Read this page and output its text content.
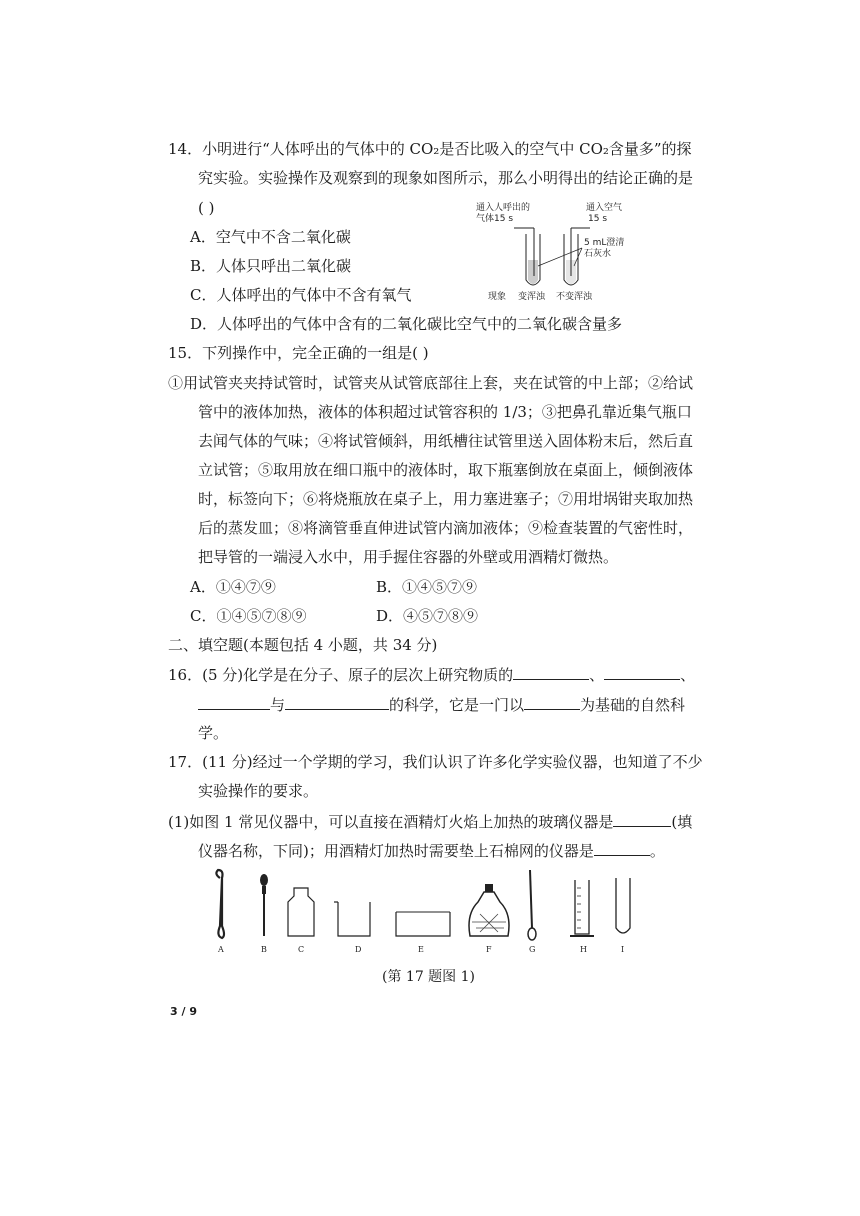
14．小明进行“人体呼出的气体中的 CO₂是否比吸入的空气中 CO₂含量多”的探
究实验。实验操作及观察到的现象如图所示，那么小明得出的结论正确的是
( )
A．空气中不含二氧化碳
B．人体只呼出二氧化碳
C．人体呼出的气体中不含有氧气
D．人体呼出的气体中含有的二氧化碳比空气中的二氧化碳含量多
通入人呼出的
气体15 s
通入空气
15 s
5 mL澄清
石灰水
现象 变浑浊 不变浑浊
15．下列操作中，完全正确的一组是( )
①用试管夹夹持试管时，试管夹从试管底部往上套，夹在试管的中上部；②给试
管中的液体加热，液体的体积超过试管容积的 1/3；③把鼻孔靠近集气瓶口
去闻气体的气味；④将试管倾斜，用纸槽往试管里送入固体粉末后，然后直
立试管；⑤取用放在细口瓶中的液体时，取下瓶塞倒放在桌面上，倾倒液体
时，标签向下；⑥将烧瓶放在桌子上，用力塞进塞子；⑦用坩埚钳夹取加热
后的蒸发皿；⑧将滴管垂直伸进试管内滴加液体；⑨检查装置的气密性时，
把导管的一端浸入水中，用手握住容器的外壁或用酒精灯微热。
A．①④⑦⑨	B．①④⑤⑦⑨
C．①④⑤⑦⑧⑨	D．④⑤⑦⑧⑨
二、填空题(本题包括 4 小题，共 34 分)
16．(5 分)化学是在分子、原子的层次上研究物质的	、	、
与	的科学，它是一门以	为基础的自然科
学。
17．(11 分)经过一个学期的学习，我们认识了许多化学实验仪器，也知道了不少
实验操作的要求。
(1)如图 1 常见仪器中，可以直接在酒精灯火焰上加热的玻璃仪器是	(填
仪器名称，下同)；用酒精灯加热时需要垫上石棉网的仪器是	。
A	B	C	D	E	F	G	H	I
(第 17 题图 1)
3 / 9
